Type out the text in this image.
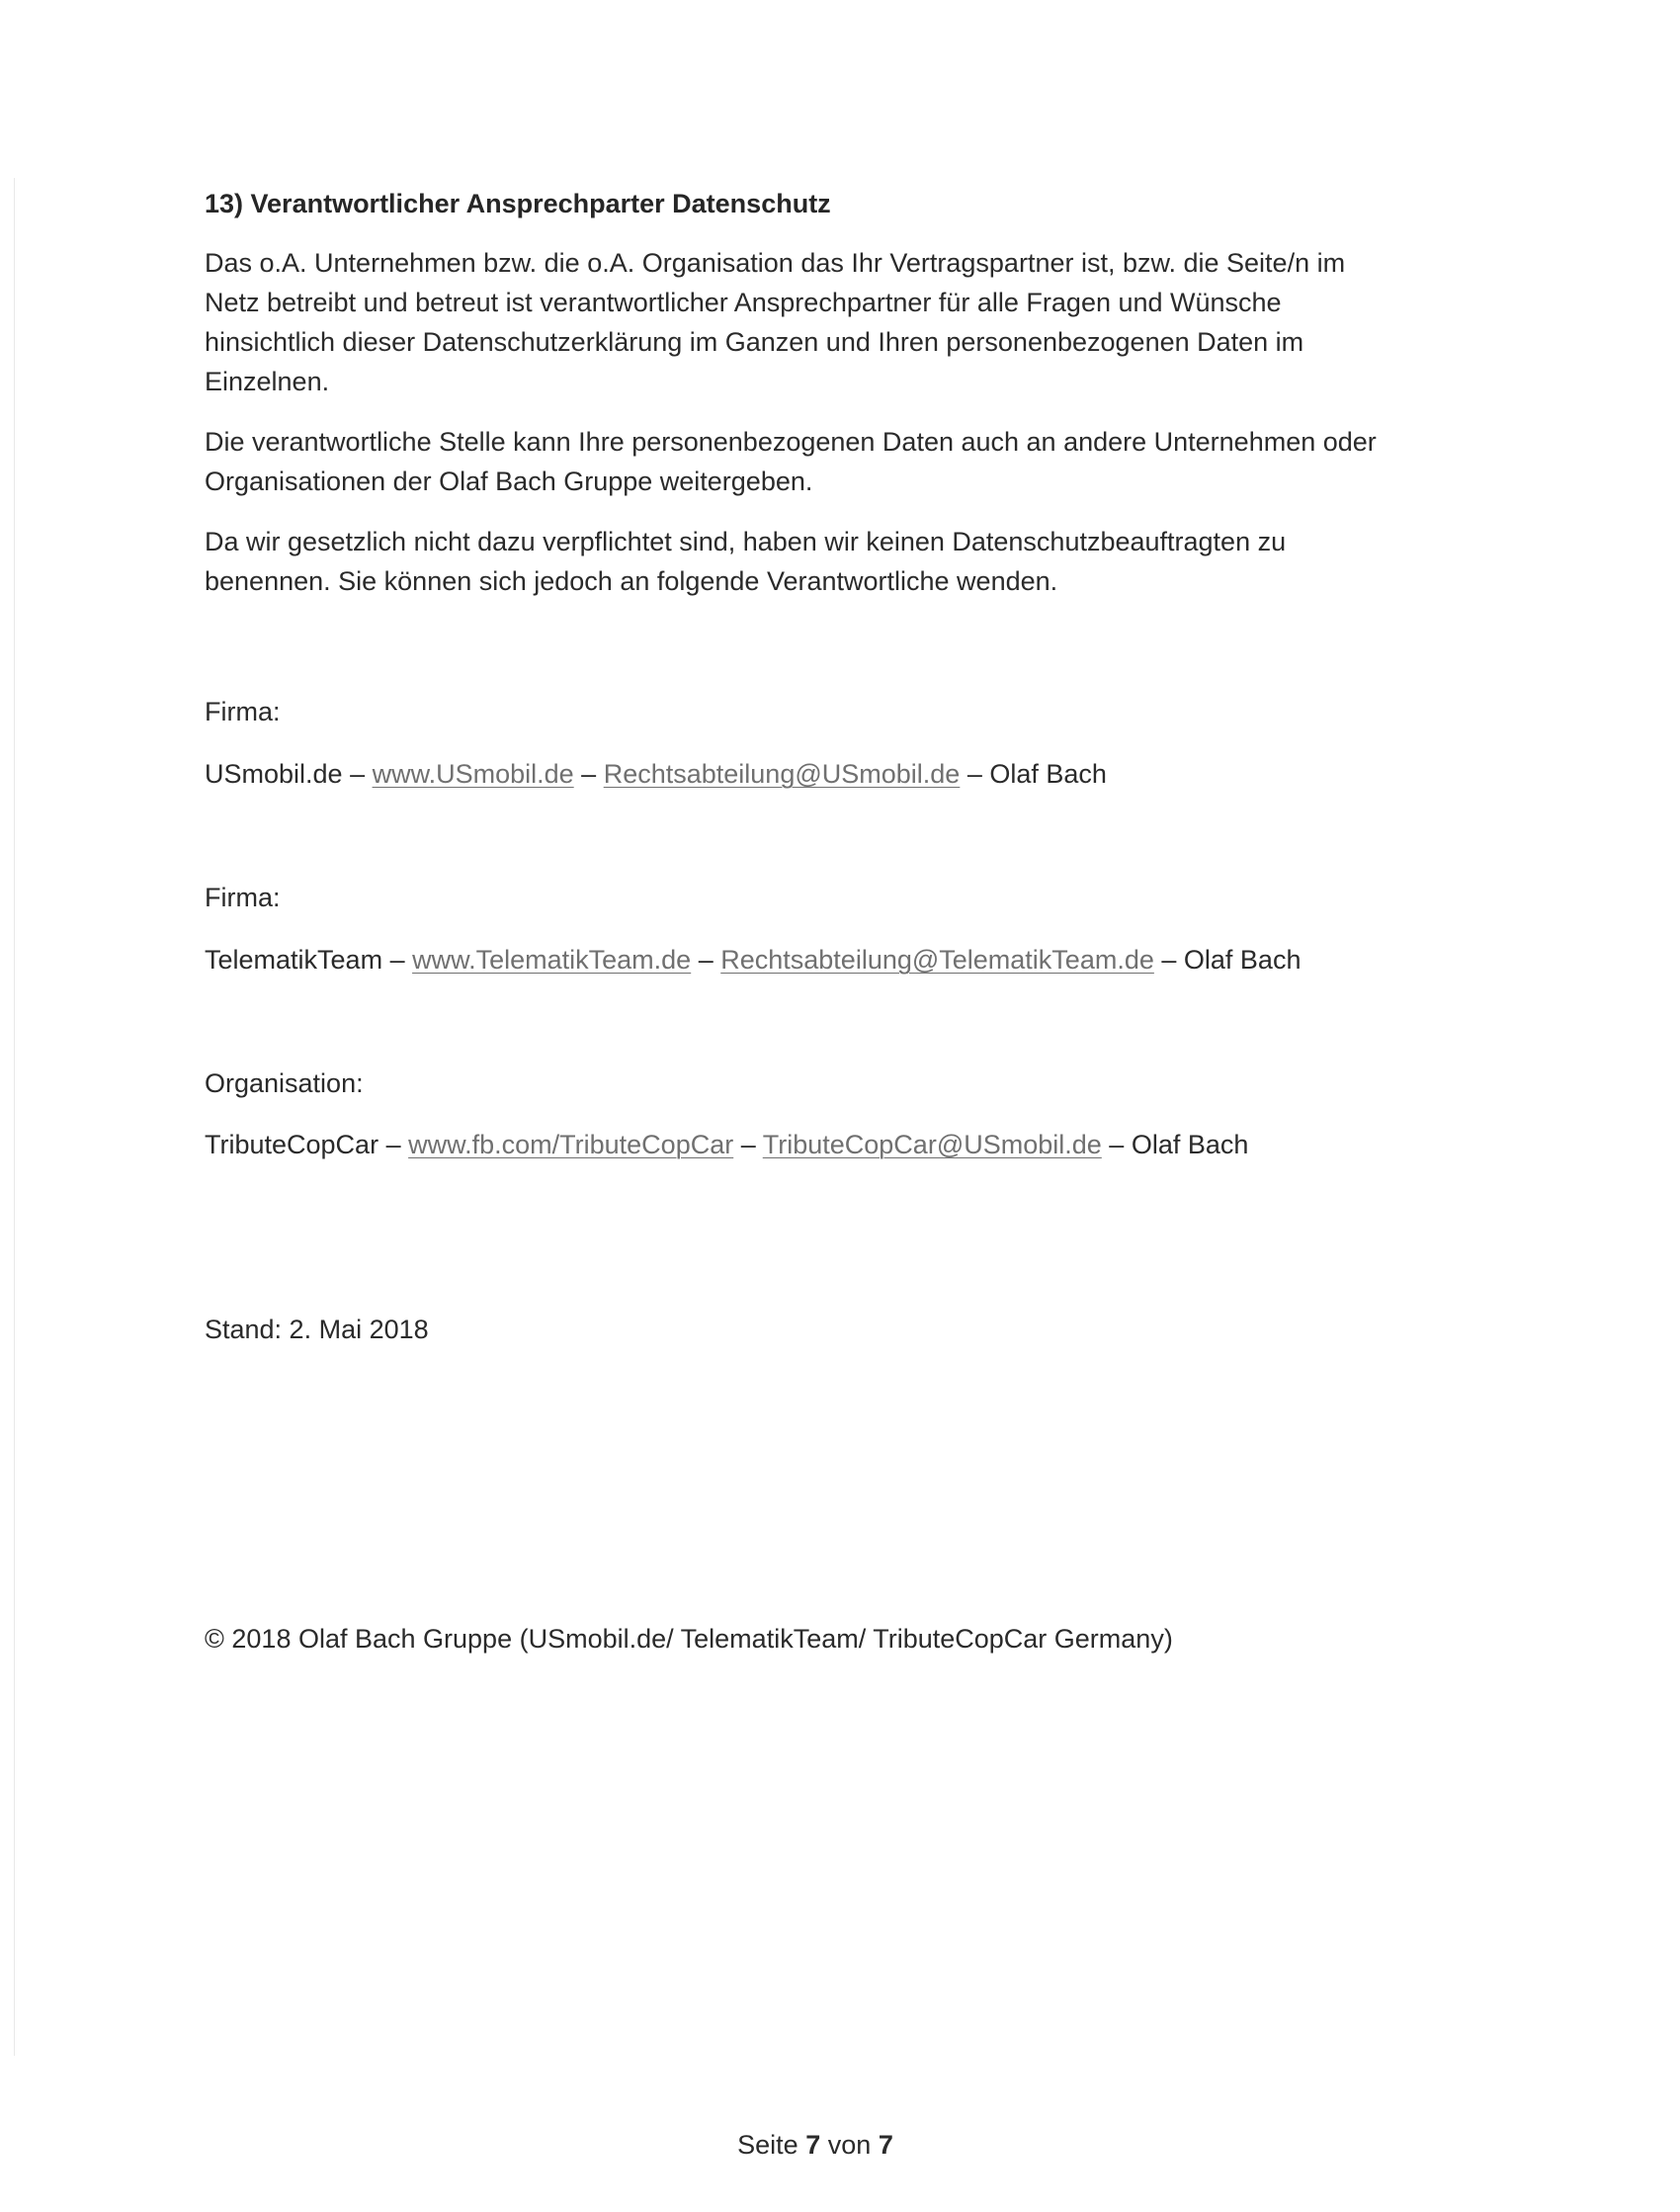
13) Verantwortlicher Ansprechparter Datenschutz
Das o.A. Unternehmen bzw. die o.A. Organisation das Ihr Vertragspartner ist, bzw. die Seite/n im
Netz betreibt und betreut ist verantwortlicher Ansprechpartner für alle Fragen und Wünsche
hinsichtlich dieser Datenschutzerklärung im Ganzen und Ihren personenbezogenen Daten im
Einzelnen.
Die verantwortliche Stelle kann Ihre personenbezogenen Daten auch an andere Unternehmen oder
Organisationen der Olaf Bach Gruppe weitergeben.
Da wir gesetzlich nicht dazu verpflichtet sind, haben wir keinen Datenschutzbeauftragten zu
benennen. Sie können sich jedoch an folgende Verantwortliche wenden.
Firma:
USmobil.de – www.USmobil.de – Rechtsabteilung@USmobil.de – Olaf Bach
Firma:
TelematikTeam – www.TelematikTeam.de – Rechtsabteilung@TelematikTeam.de – Olaf Bach
Organisation:
TributeCopCar – www.fb.com/TributeCopCar – TributeCopCar@USmobil.de – Olaf Bach
Stand: 2. Mai 2018
© 2018 Olaf Bach Gruppe (USmobil.de/ TelematikTeam/ TributeCopCar Germany)
Seite 7 von 7
